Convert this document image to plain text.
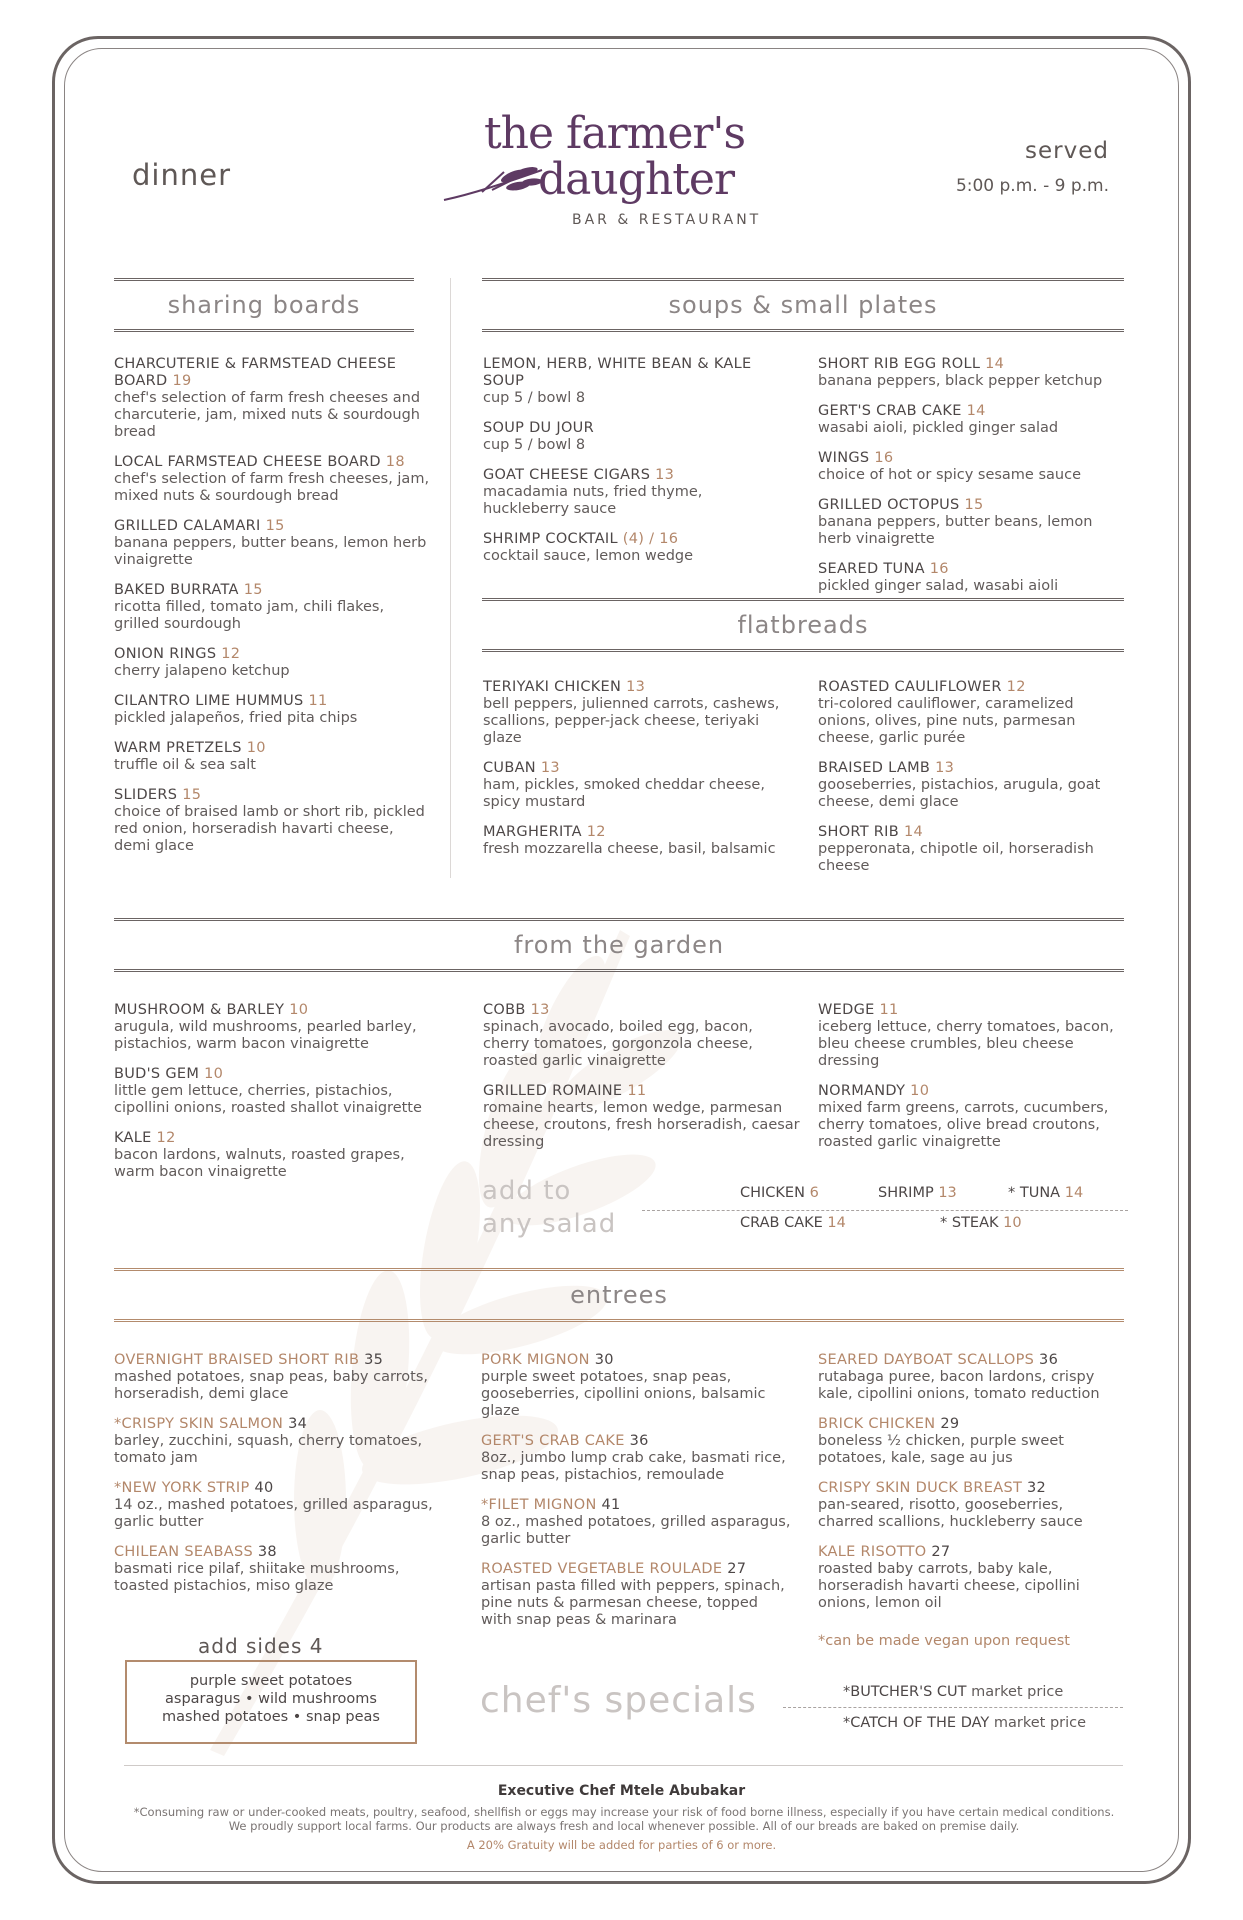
dinner
the farmer's
daughter
BAR & RESTAURANT
served
5:00 p.m. - 9 p.m.
sharing boards	soups & small plates
flatbreads
from the garden
entrees
CHARCUTERIE & FARMSTEAD CHEESE BOARD 19
chef's selection of farm fresh cheeses and charcuterie, jam, mixed nuts & sourdough bread
LOCAL FARMSTEAD CHEESE BOARD 18
chef's selection of farm fresh cheeses, jam, mixed nuts & sourdough bread
GRILLED CALAMARI 15
banana peppers, butter beans, lemon herb vinaigrette
BAKED BURRATA 15
ricotta filled, tomato jam, chili flakes, grilled sourdough
ONION RINGS 12
cherry jalapeno ketchup
CILANTRO LIME HUMMUS 11
pickled jalapeños, fried pita chips
WARM PRETZELS 10
truffle oil & sea salt
SLIDERS 15
choice of braised lamb or short rib, pickled red onion, horseradish havarti cheese, demi glace
LEMON, HERB, WHITE BEAN & KALE SOUP
cup 5 / bowl 8
SOUP DU JOUR
cup 5 / bowl 8
GOAT CHEESE CIGARS 13
macadamia nuts, fried thyme, huckleberry sauce
SHRIMP COCKTAIL (4) / 16
cocktail sauce, lemon wedge
SHORT RIB EGG ROLL 14
banana peppers, black pepper ketchup
GERT'S CRAB CAKE 14
wasabi aioli, pickled ginger salad
WINGS 16
choice of hot or spicy sesame sauce
GRILLED OCTOPUS 15
banana peppers, butter beans, lemon herb vinaigrette
SEARED TUNA 16
pickled ginger salad, wasabi aioli
TERIYAKI CHICKEN 13
bell peppers, julienned carrots, cashews, scallions, pepper-jack cheese, teriyaki glaze
CUBAN 13
ham, pickles, smoked cheddar cheese, spicy mustard
MARGHERITA 12
fresh mozzarella cheese, basil, balsamic
ROASTED CAULIFLOWER 12
tri-colored cauliflower, caramelized onions, olives, pine nuts, parmesan cheese, garlic purée
BRAISED LAMB 13
gooseberries, pistachios, arugula, goat cheese, demi glace
SHORT RIB 14
pepperonata, chipotle oil, horseradish cheese
MUSHROOM & BARLEY 10
arugula, wild mushrooms, pearled barley, pistachios, warm bacon vinaigrette
BUD'S GEM 10
little gem lettuce, cherries, pistachios, cipollini onions, roasted shallot vinaigrette
KALE 12
bacon lardons, walnuts, roasted grapes, warm bacon vinaigrette
COBB 13
spinach, avocado, boiled egg, bacon, cherry tomatoes, gorgonzola cheese, roasted garlic vinaigrette
GRILLED ROMAINE 11
romaine hearts, lemon wedge, parmesan cheese, croutons, fresh horseradish, caesar dressing
WEDGE 11
iceberg lettuce, cherry tomatoes, bacon, bleu cheese crumbles, bleu cheese dressing
NORMANDY 10
mixed farm greens, carrots, cucumbers, cherry tomatoes, olive bread croutons, roasted garlic vinaigrette
OVERNIGHT BRAISED SHORT RIB 35
mashed potatoes, snap peas, baby carrots, horseradish, demi glace
*CRISPY SKIN SALMON 34
barley, zucchini, squash, cherry tomatoes, tomato jam
*NEW YORK STRIP 40
14 oz., mashed potatoes, grilled asparagus, garlic butter
CHILEAN SEABASS 38
basmati rice pilaf, shiitake mushrooms, toasted pistachios, miso glaze
PORK MIGNON 30
purple sweet potatoes, snap peas, gooseberries, cipollini onions, balsamic glaze
GERT'S CRAB CAKE 36
8oz., jumbo lump crab cake, basmati rice, snap peas, pistachios, remoulade
*FILET MIGNON 41
8 oz., mashed potatoes, grilled asparagus, garlic butter
ROASTED VEGETABLE ROULADE 27
artisan pasta filled with peppers, spinach, pine nuts & parmesan cheese, topped with snap peas & marinara
SEARED DAYBOAT SCALLOPS 36
rutabaga puree, bacon lardons, crispy kale, cipollini onions, tomato reduction
BRICK CHICKEN 29
boneless ½ chicken, purple sweet potatoes, kale, sage au jus
CRISPY SKIN DUCK BREAST 32
pan-seared, risotto, gooseberries, charred scallions, huckleberry sauce
KALE RISOTTO 27
roasted baby carrots, baby kale, horseradish havarti cheese, cipollini onions, lemon oil
*can be made vegan upon request
add to
any salad
CHICKEN 6	SHRIMP 13	* TUNA 14
CRAB CAKE 14	* STEAK 10
add sides 4
purple sweet potatoes
asparagus • wild mushrooms
mashed potatoes • snap peas	chef's specials	*BUTCHER'S CUT market price
*CATCH OF THE DAY market price
Executive Chef Mtele Abubakar
*Consuming raw or under-cooked meats, poultry, seafood, shellfish or eggs may increase your risk of food borne illness, especially if you have certain medical conditions. We proudly support local farms. Our products are always fresh and local whenever possible. All of our breads are baked on premise daily.
A 20% Gratuity will be added for parties of 6 or more.
